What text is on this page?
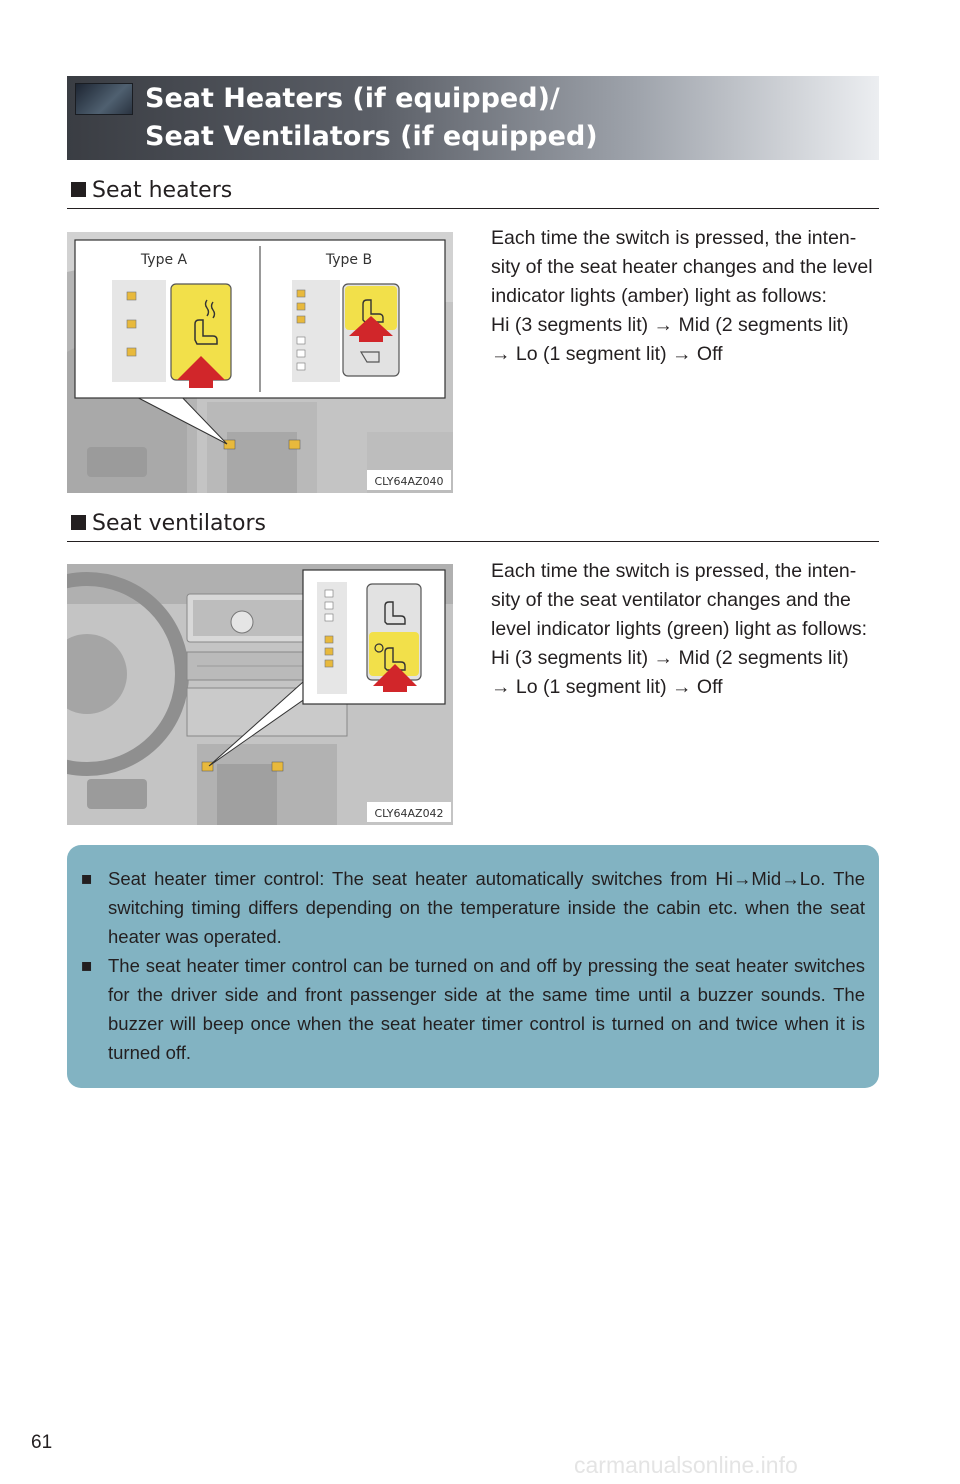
Seat Heaters (if equipped)/
Seat Ventilators (if equipped)
Seat heaters
Type A	Type B
CLY64AZ040

Each time the switch is pressed, the inten-

sity of the seat heater changes and the level indicator lights (amber) light as follows:

Hi (3 segments lit) → Mid (2 segments lit)

→ Lo (1 segment lit) → Off

Seat ventilators
CLY64AZ042

Each time the switch is pressed, the inten-

sity of the seat ventilator changes and the level indicator lights (green) light as follows:

Hi (3 segments lit) → Mid (2 segments lit)

→ Lo (1 segment lit) → Off

■ Seat heater timer control: The seat heater automatically switches from Hi→Mid→Lo. The switching timing differs depending on the temperature inside the cabin etc. when the seat heater was operated.
■ The seat heater timer control can be turned on and off by pressing the seat heater switches for the driver side and front passenger side at the same time until a buzzer sounds. The buzzer will beep once when the seat heater timer control is turned on and twice when it is turned off.
61
carmanualsonline.info
